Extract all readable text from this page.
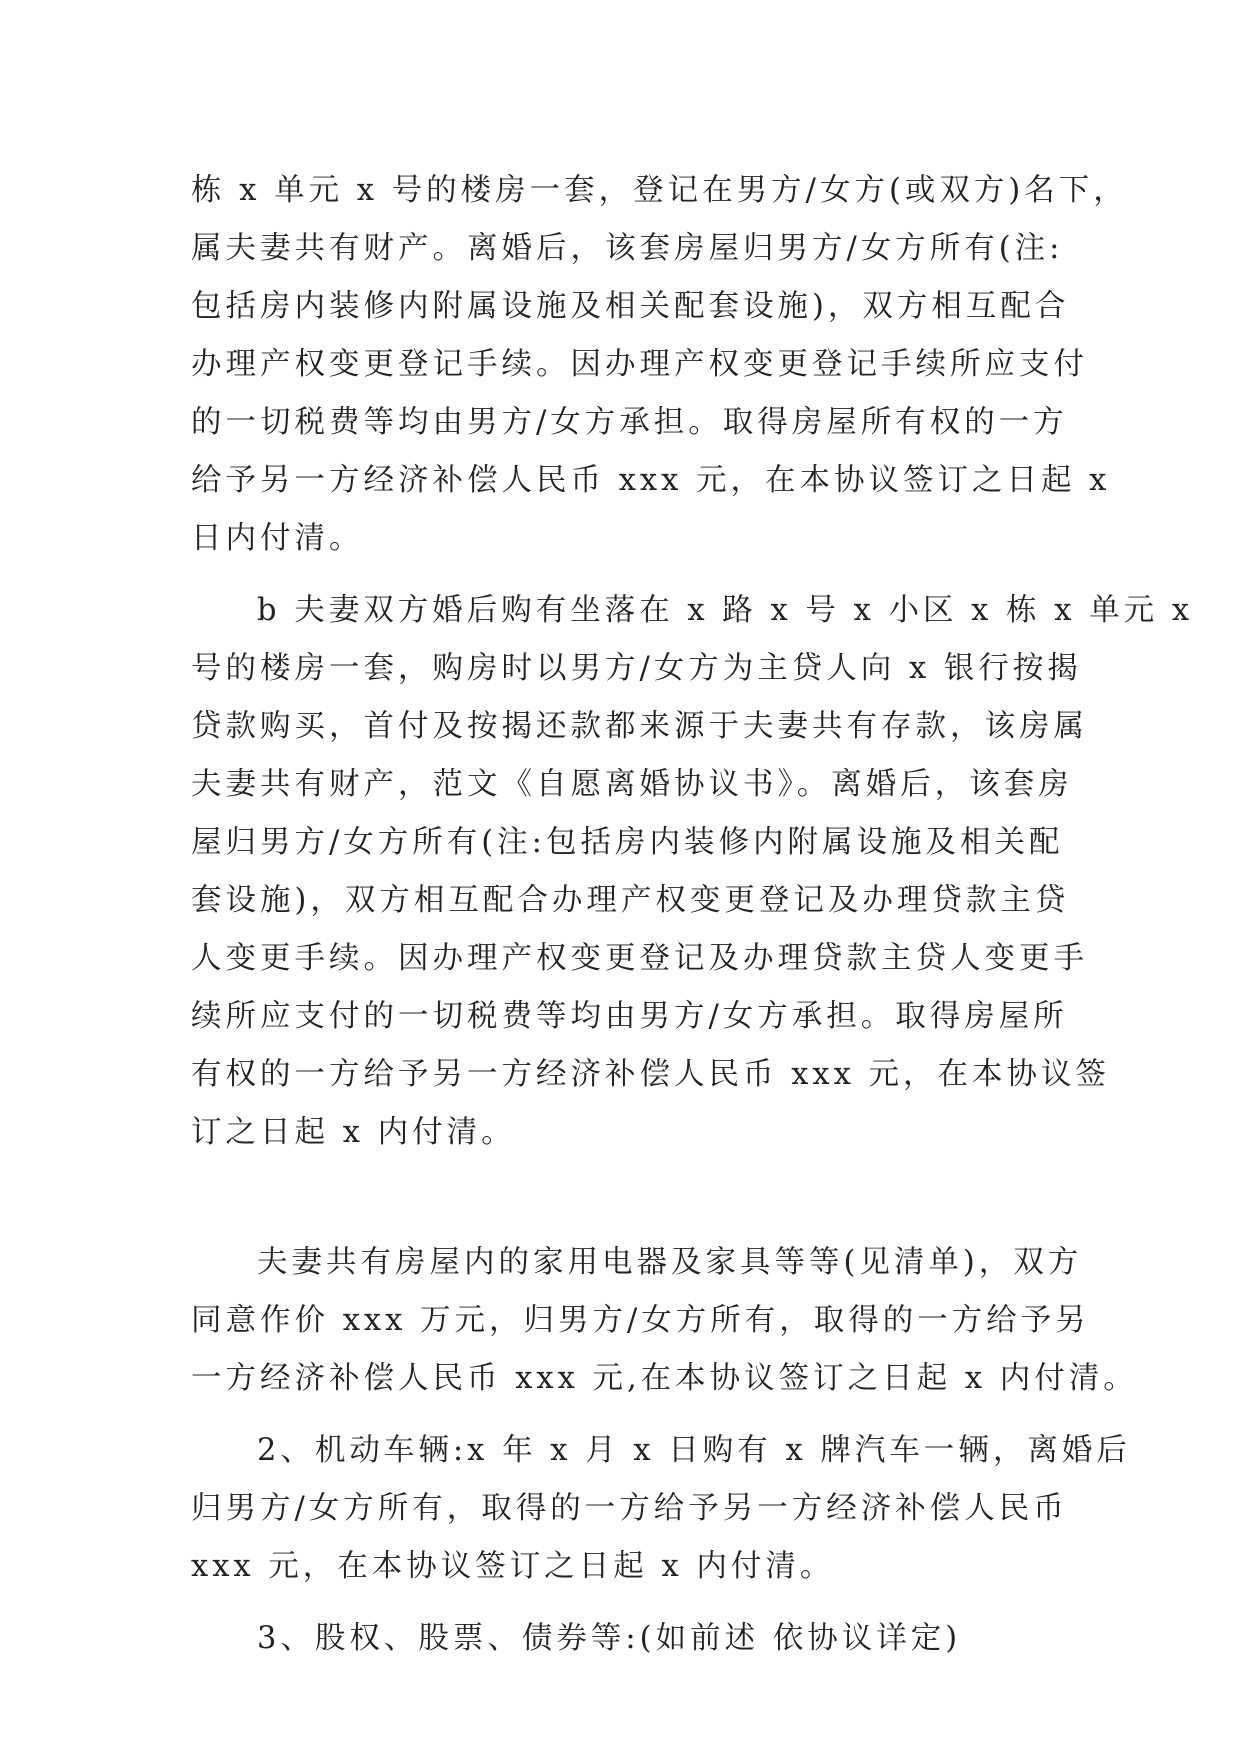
栋 x 单元 x 号的楼房一套，登记在男方/女方(或双方)名下，
属夫妻共有财产。离婚后，该套房屋归男方/女方所有(注:
包括房内装修内附属设施及相关配套设施)，双方相互配合
办理产权变更登记手续。因办理产权变更登记手续所应支付
的一切税费等均由男方/女方承担。取得房屋所有权的一方
给予另一方经济补偿人民币 xxx 元，在本协议签订之日起 x
日内付清。
b 夫妻双方婚后购有坐落在 x 路 x 号 x 小区 x 栋 x 单元 x
号的楼房一套，购房时以男方/女方为主贷人向 x 银行按揭
贷款购买，首付及按揭还款都来源于夫妻共有存款，该房属
夫妻共有财产，范文《自愿离婚协议书》。离婚后，该套房
屋归男方/女方所有(注:包括房内装修内附属设施及相关配
套设施)，双方相互配合办理产权变更登记及办理贷款主贷
人变更手续。因办理产权变更登记及办理贷款主贷人变更手
续所应支付的一切税费等均由男方/女方承担。取得房屋所
有权的一方给予另一方经济补偿人民币 xxx 元，在本协议签
订之日起 x 内付清。
夫妻共有房屋内的家用电器及家具等等(见清单)，双方
同意作价 xxx 万元，归男方/女方所有，取得的一方给予另
一方经济补偿人民币 xxx 元,在本协议签订之日起 x 内付清。
2、机动车辆:x 年 x 月 x 日购有 x 牌汽车一辆，离婚后
归男方/女方所有，取得的一方给予另一方经济补偿人民币
xxx 元，在本协议签订之日起 x 内付清。
3、股权、股票、债券等:(如前述 依协议详定)
